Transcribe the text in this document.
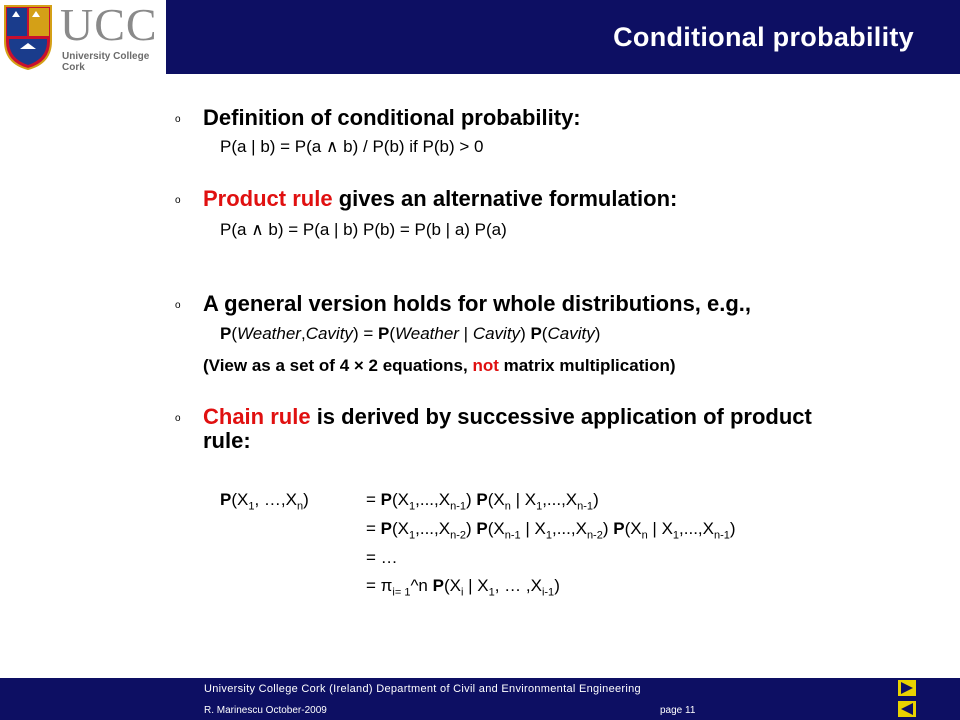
UCC
University College Cork
Conditional probability
o Definition of conditional probability:
P(a | b) = P(a ∧ b) / P(b) if P(b) > 0
o Product rule gives an alternative formulation:
P(a ∧ b) = P(a | b) P(b) = P(b | a) P(a)
o A general version holds for whole distributions, e.g.,
P(Weather,Cavity) = P(Weather | Cavity) P(Cavity)
(View as a set of 4 × 2 equations, not matrix multiplication)
o Chain rule is derived by successive application of product
rule:
$P(X_1$, $\dots,X_n$)	= $P(X_1,...,X_{n-1})$ $P(X_n$ | $X_1,...,X_{n-1}$)
= $P(X_1,...,X_{n-2})$ $P(X_{n-1}$ | $X_1,...,X_{n-2}$) $P(X_n$ | $X_1,...,X_{n-1}$)
= …
= $\pi_{i= 1}\^{}n$ $P(X_i$ | $X_1$, … $,X_{i-1}$)
University College Cork (Ireland) Department of Civil and Environmental Engineering
R. Marinescu October-2009	page 11
